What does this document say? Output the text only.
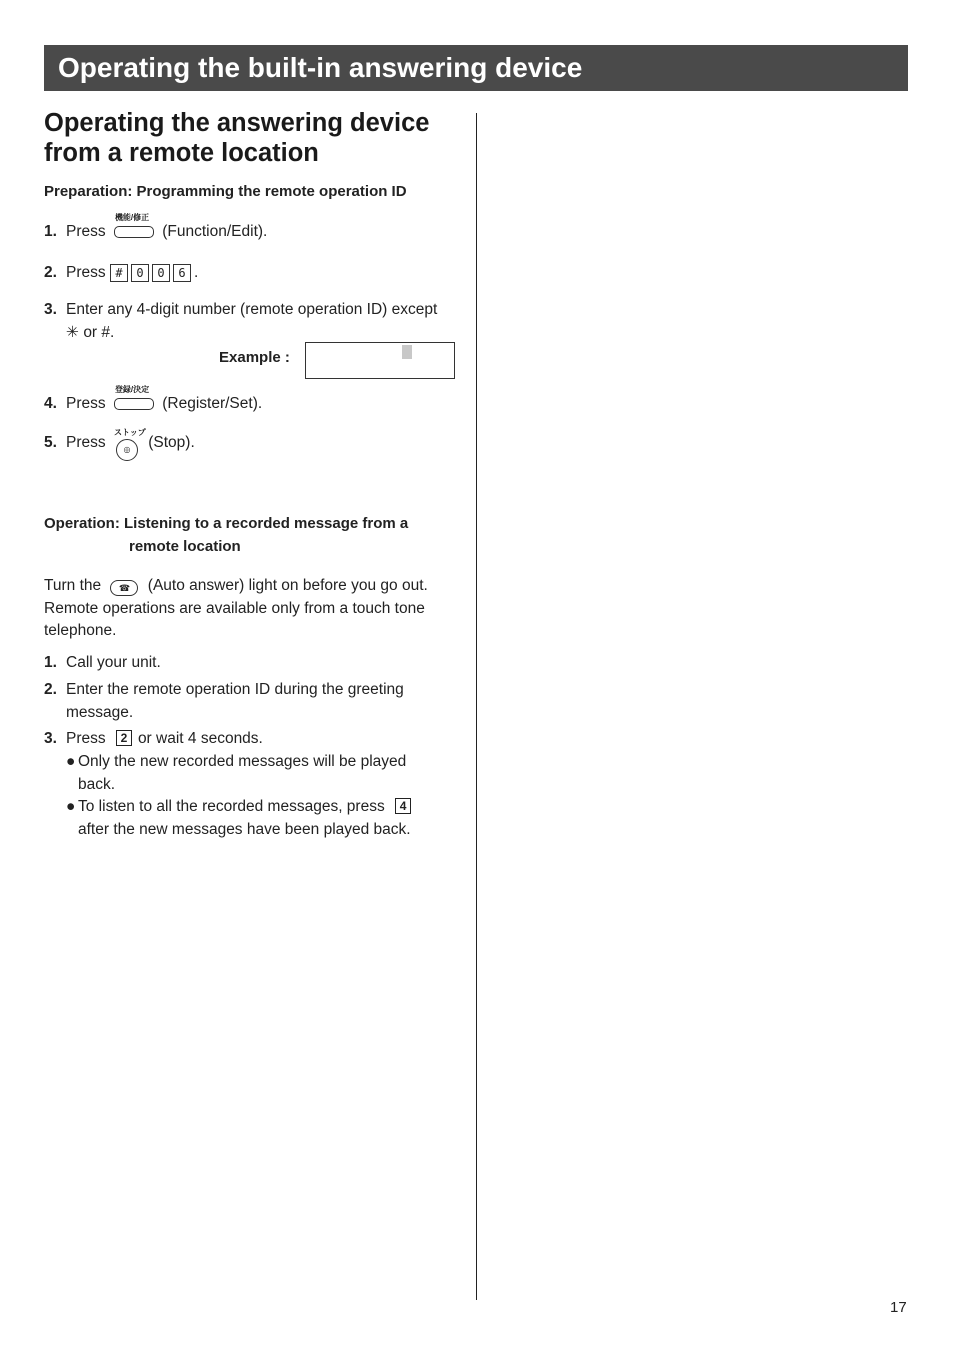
Operating the built-in answering device
Operating the answering device
from a remote location
Preparation: Programming the remote operation ID
1. Press
機能/修正
(Function/Edit).
2. Press # 0 0 6 .
3. Enter any 4-digit number (remote operation ID) except
✳ or #.
Example :
4. Press
登録/決定
(Register/Set).
5. Press
ストップ
◎ (Stop).
Operation: Listening to a recorded message from a
remote location
Turn the ☎ (Auto answer) light on before you go out.
Remote operations are available only from a touch tone
telephone.
1. Call your unit.
2. Enter the remote operation ID during the greeting
message.
3. Press 2 or wait 4 seconds.
● Only the new recorded messages will be played
back.
● To listen to all the recorded messages, press 4
after the new messages have been played back.
17
